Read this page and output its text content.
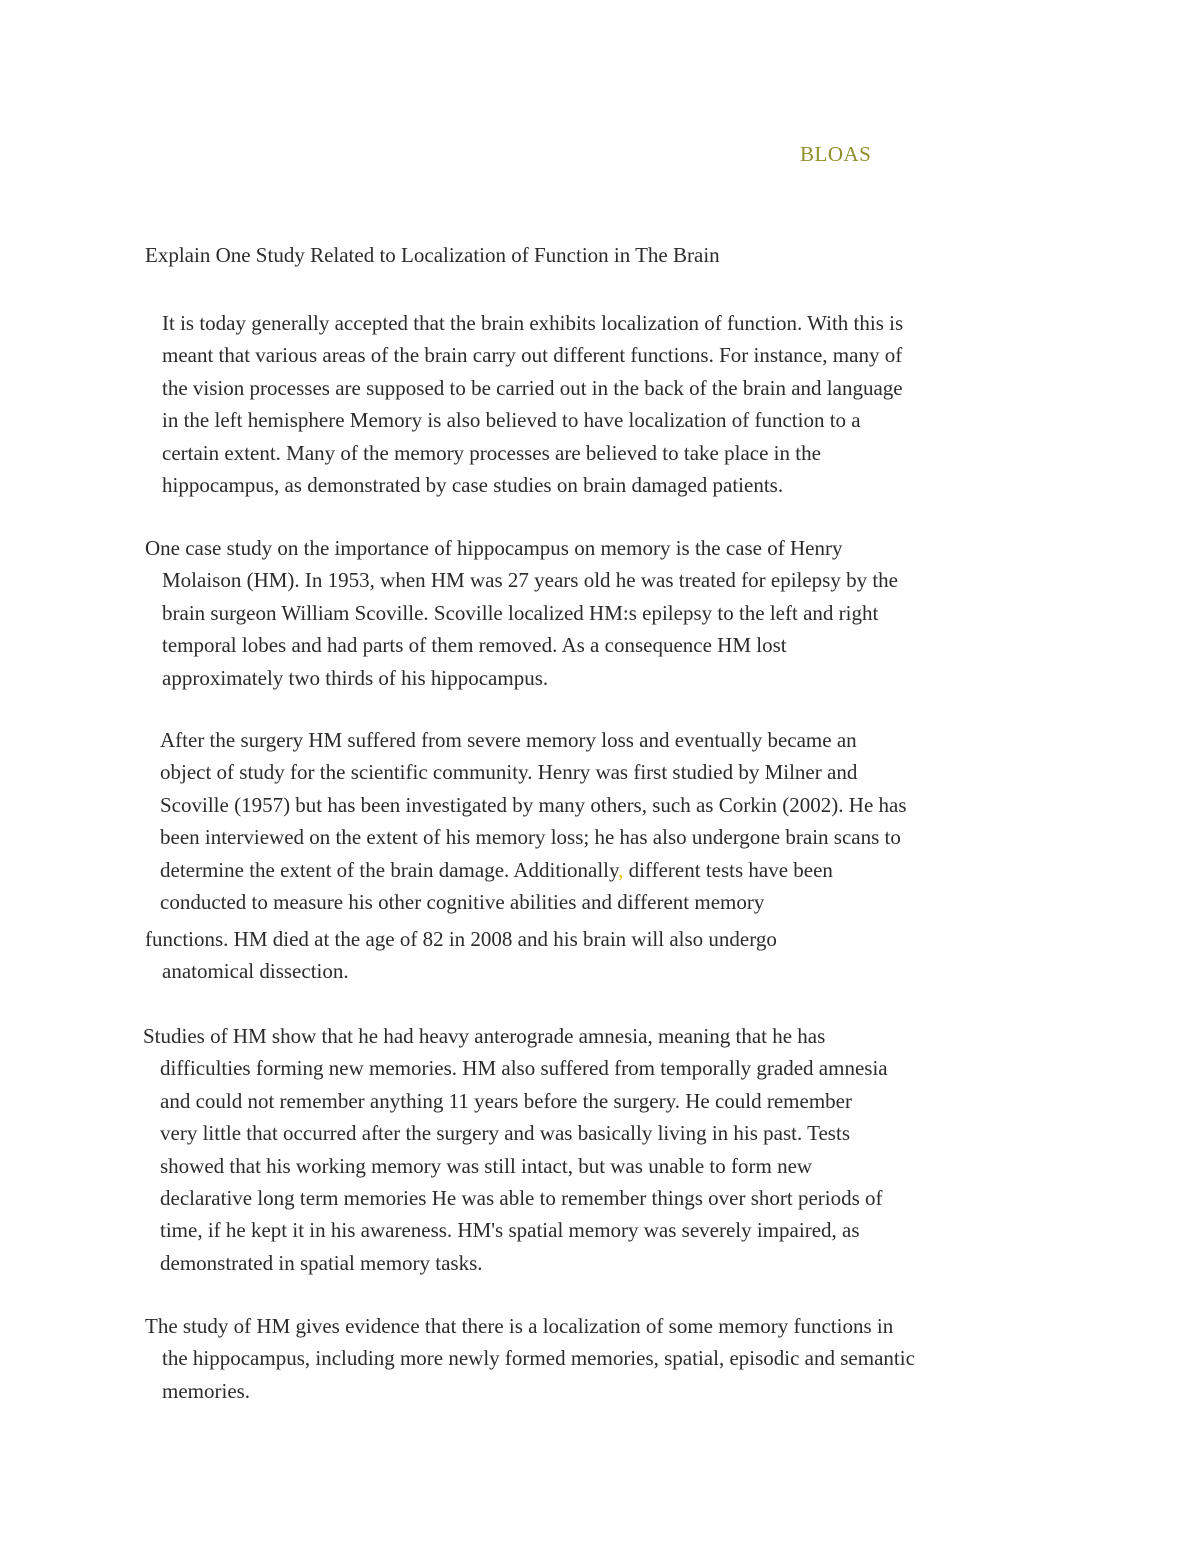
BLOAS
Explain One Study Related to Localization of Function in The Brain
It is today generally accepted that the brain exhibits localization of function. With this is
meant that various areas of the brain carry out different functions. For instance, many of
the vision processes are supposed to be carried out in the back of the brain and language
in the left hemisphere Memory is also believed to have localization of function to a
certain extent. Many of the memory processes are believed to take place in the
hippocampus, as demonstrated by case studies on brain damaged patients.
One case study on the importance of hippocampus on memory is the case of Henry
Molaison (HM). In 1953, when HM was 27 years old he was treated for epilepsy by the
brain surgeon William Scoville. Scoville localized HM:s epilepsy to the left and right
temporal lobes and had parts of them removed. As a consequence HM lost
approximately two thirds of his hippocampus.
After the surgery HM suffered from severe memory loss and eventually became an
object of study for the scientific community. Henry was first studied by Milner and
Scoville (1957) but has been investigated by many others, such as Corkin (2002). He has
been interviewed on the extent of his memory loss; he has also undergone brain scans to
determine the extent of the brain damage. Additionally, different tests have been
conducted to measure his other cognitive abilities and different memory
functions. HM died at the age of 82 in 2008 and his brain will also undergo
anatomical dissection.
Studies of HM show that he had heavy anterograde amnesia, meaning that he has
difficulties forming new memories. HM also suffered from temporally graded amnesia
and could not remember anything 11 years before the surgery. He could remember
very little that occurred after the surgery and was basically living in his past. Tests
showed that his working memory was still intact, but was unable to form new
declarative long term memories He was able to remember things over short periods of
time, if he kept it in his awareness. HM's spatial memory was severely impaired, as
demonstrated in spatial memory tasks.
The study of HM gives evidence that there is a localization of some memory functions in
the hippocampus, including more newly formed memories, spatial, episodic and semantic
memories.
